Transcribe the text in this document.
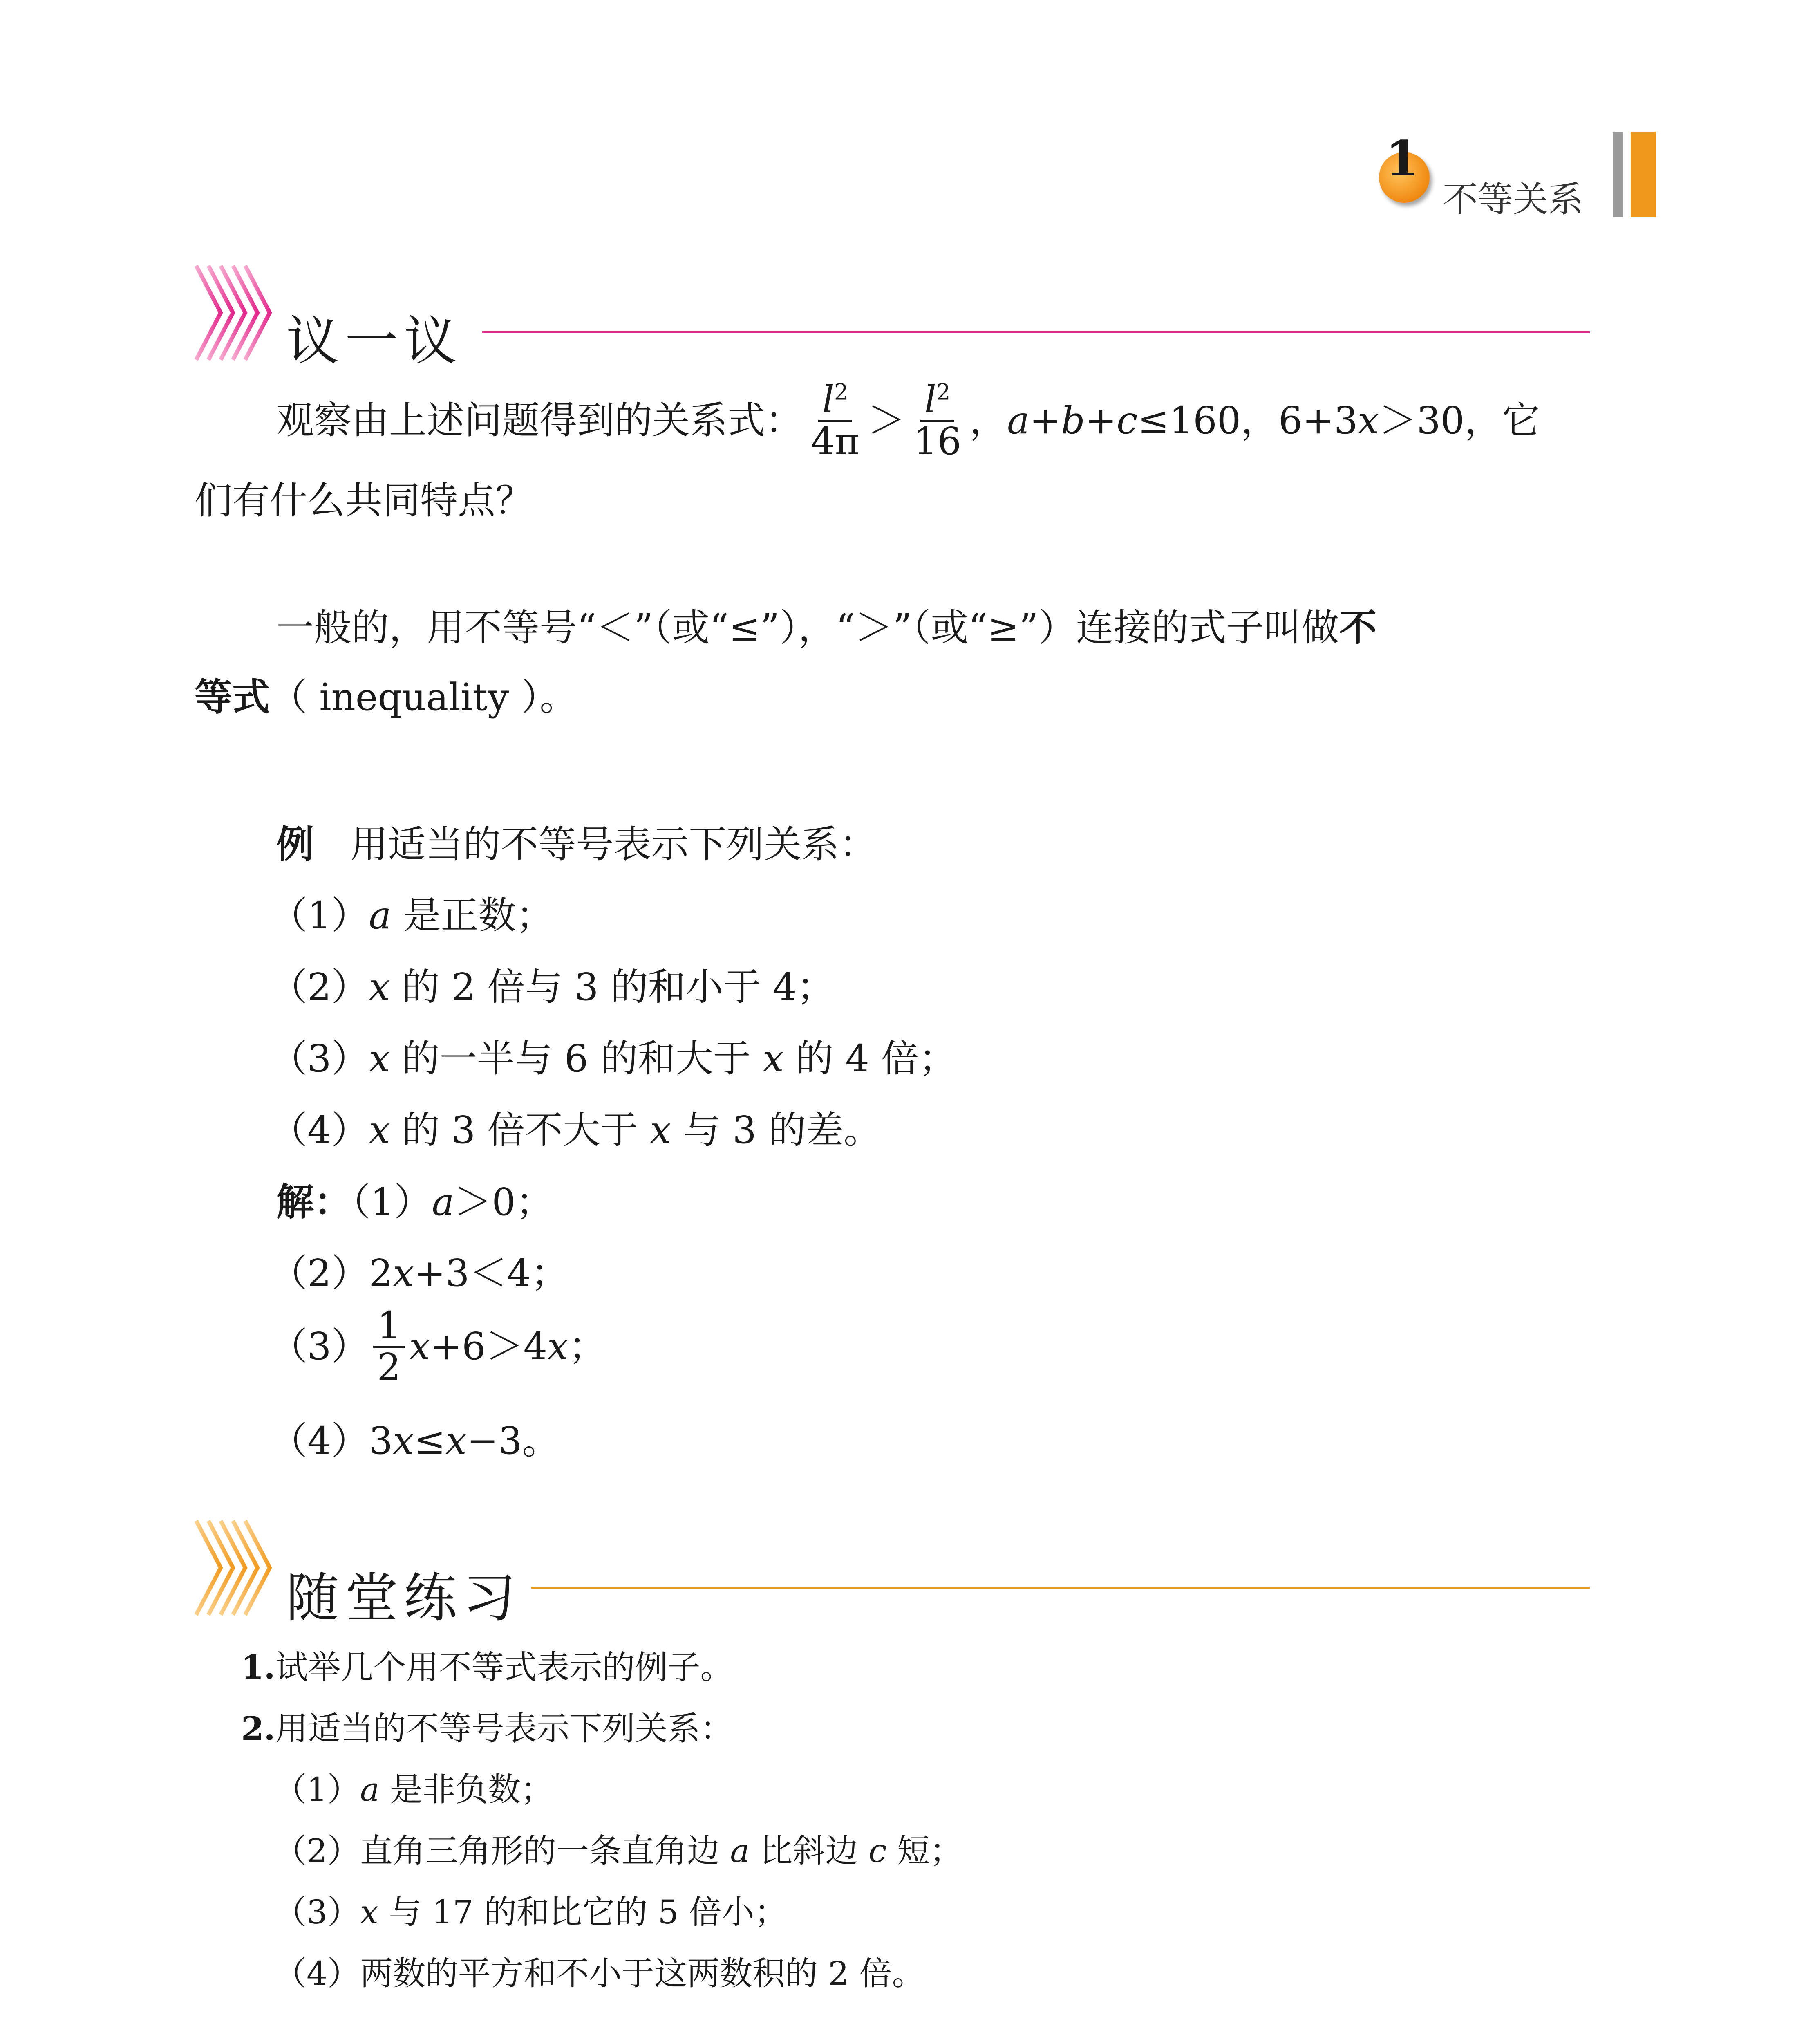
1
不等关系
议一议
观察由上述问题得到的关系式： $\frac{l^2}{4\pi} > \frac{l^2}{16}$ ， a+b+c ≤160，6+3 x ＞30，它
们有什么共同特点？
一般的，用不等号“＜”（或“≤”），“＞”（或“≥”）连接的式子叫做不
等式（ inequality ）。
例 用适当的不等号表示下列关系：
（1）a 是正数；
（2）x 的 2 倍与 3 的和小于 4；
（3）x 的一半与 6 的和大于 x 的 4 倍；
（4）x 的 3 倍不大于 x 与 3 的差。
解：（1）a＞0；
（2）2x+3＜4；
$(3) \frac{1}{2}$ x +6＞4 x ；
（4）3x≤x−3。
随堂练习
1.试举几个用不等式表示的例子。
2.用适当的不等号表示下列关系：
（1）a 是非负数；
（2）直角三角形的一条直角边 a 比斜边 c 短；
（3）x 与 17 的和比它的 5 倍小；
（4）两数的平方和不小于这两数积的 2 倍。
